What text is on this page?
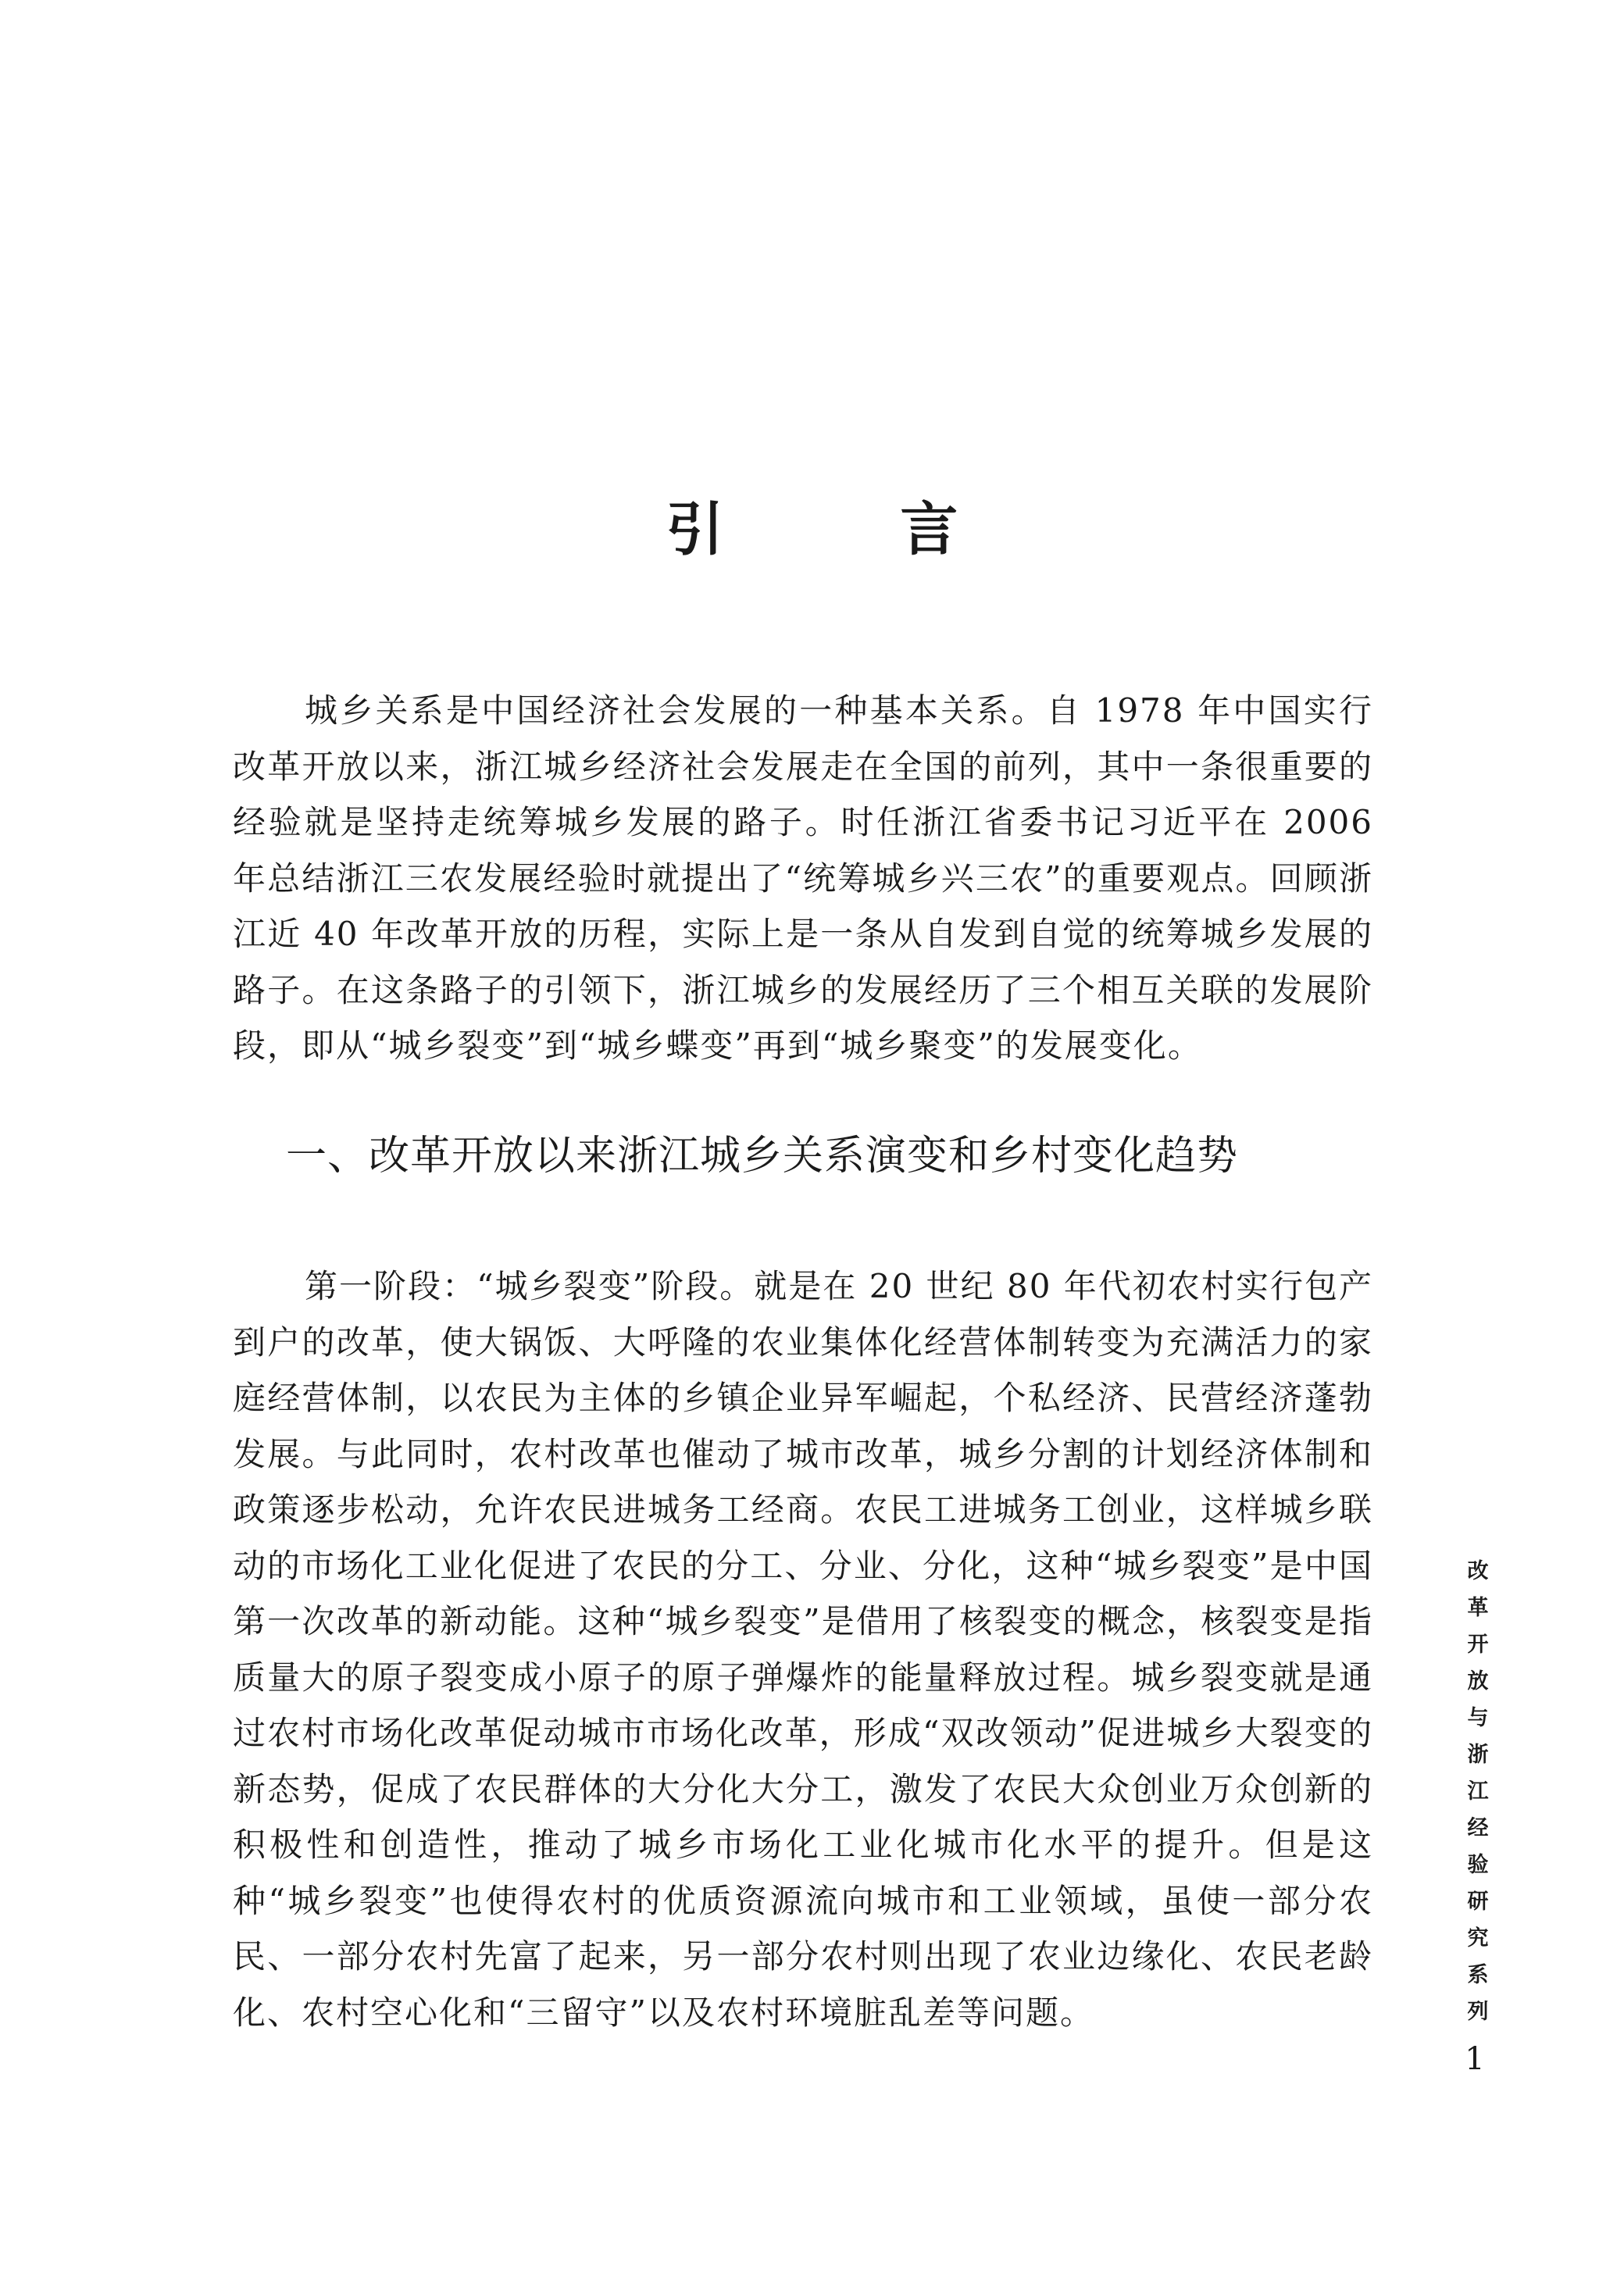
引 言

城乡关系是中国经济社会发展的一种基本关系。自 1978 年中国实行改革开放以来，浙江城乡经济社会发展走在全国的前列，其中一条很重要的经验就是坚持走统筹城乡发展的路子。时任浙江省委书记习近平在 2006 年总结浙江三农发展经验时就提出了“统筹城乡兴三农”的重要观点。回顾浙江近 40 年改革开放的历程，实际上是一条从自发到自觉的统筹城乡发展的路子。在这条路子的引领下，浙江城乡的发展经历了三个相互关联的发展阶段，即从“城乡裂变”到“城乡蝶变”再到“城乡聚变”的发展变化。

一、改革开放以来浙江城乡关系演变和乡村变化趋势

第一阶段：“城乡裂变”阶段。就是在 20 世纪 80 年代初农村实行包产到户的改革，使大锅饭、大呼隆的农业集体化经营体制转变为充满活力的家庭经营体制，以农民为主体的乡镇企业异军崛起，个私经济、民营经济蓬勃发展。与此同时，农村改革也催动了城市改革，城乡分割的计划经济体制和政策逐步松动，允许农民进城务工经商。农民工进城务工创业，这样城乡联动的市场化工业化促进了农民的分工、分业、分化，这种“城乡裂变”是中国第一次改革的新动能。这种“城乡裂变”是借用了核裂变的概念，核裂变是指质量大的原子裂变成小原子的原子弹爆炸的能量释放过程。城乡裂变就是通过农村市场化改革促动城市市场化改革，形成“双改领动”促进城乡大裂变的新态势，促成了农民群体的大分化大分工，激发了农民大众创业万众创新的积极性和创造性，推动了城乡市场化工业化城市化水平的提升。但是这种“城乡裂变”也使得农村的优质资源流向城市和工业领域，虽使一部分农民、一部分农村先富了起来，另一部分农村则出现了农业边缘化、农民老龄化、农村空心化和“三留守”以及农村环境脏乱差等问题。

改革开放与浙江经验研究系列
1
